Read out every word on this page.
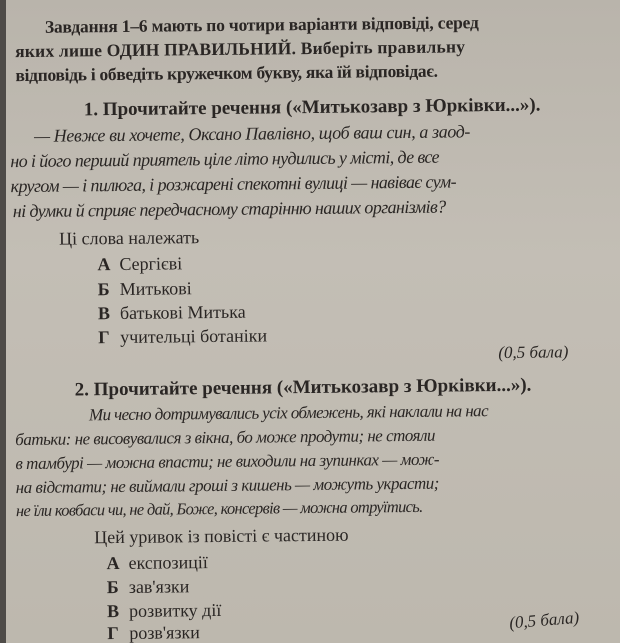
Завдання 1–6 мають по чотири варіанти відповіді, серед
яких лише ОДИН ПРАВИЛЬНИЙ. Виберіть правильну
відповідь і обведіть кружечком букву, яка їй відповідає.
1. Прочитайте речення («Митькозавр з Юрківки...»).
— Невже ви хочете, Оксано Павлівно, щоб ваш син, а заод-
но і його перший приятель ціле літо нудились у місті, де все
кругом — і пилюга, і розжарені спекотні вулиці — навіває сум-
ні думки й сприяє передчасному старінню наших організмів?
Ці слова належать
А Сергієві
Б Митькові
В батькові Митька
Г учительці ботаніки
(0,5 бала)
2. Прочитайте речення («Митькозавр з Юрківки...»).
Ми чесно дотримувались усіх обмежень, які наклали на нас
батьки: не висовувалися з вікна, бо може продути; не стояли
в тамбурі — можна впасти; не виходили на зупинках — мож-
на відстати; не виймали гроші з кишень — можуть украсти;
не їли ковбаси чи, не дай, Боже, консервів — можна отруїтись.
Цей уривок із повісті є частиною
А експозиції
Б зав'язки
В розвитку дії
Г розв'язки
(0,5 бала)
